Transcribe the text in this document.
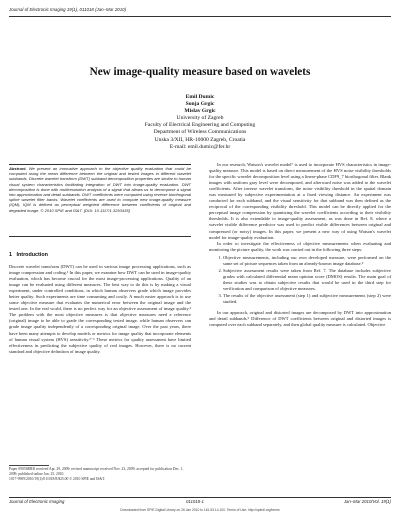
Journal of Electronic Imaging 19(1), 011018 (Jan–Mar 2010)
New image-quality measure based on wavelets
Emil Dumic
Sonja Grgic
Mislav Grgic
University of Zagreb
Faculty of Electrical Engineering and Computing
Department of Wireless Communications
Unska 3/XII, HR-10000 Zagreb, Croatia
E-mail: emil.dumic@fer.hr
Abstract. We present an innovative approach to the objective quality evaluation that could be computed using the mean difference between the original and tested images in different wavelet subbands. Discrete wavelet transform (DWT) subband decomposition properties are similar to human visual system characteristics facilitating integration of DWT into image-quality evaluation. DWT decomposition is done with multiresolution analysis of a signal that allows us to decompose a signal into approximation and detail subbands. DWT coefficients were computed using reverse biorthogonal spline wavelet filter banks. Wavelet coefficients are used to compute new image-quality measure (IQM), IQM is defined as perceptual weighted difference between coefficients of original and degraded image. © 2010 SPIE and IS&T. [DOI: 10.1117/1.3293435]
1 Introduction

Discrete wavelet transform (DWT) can be used in various image processing applications, such as image compression and coding.¹ In this paper, we examine how DWT can be used in image-quality evaluation, which has become crucial for the most image-processing applications. Quality of an image can be evaluated using different measures. The best way to do this is by making a visual experiment, under controlled conditions, in which human observers grade which image provides better quality. Such experiments are time consuming and costly. A much easier approach is to use some objective measure that evaluates the numerical error between the original image and the tested one. In the real world, there is no perfect way for an objective assessment of image quality.² The problem with the most objective measures is that objective measures need a reference (original) image to be able to grade the corresponding tested image, while human observers can grade image quality independently of a corresponding original image. Over the past years, there have been many attempts to develop models or metrics for image quality that incorporate elements of human visual system (HVS) sensitivity.³⁻⁶ These metrics for quality assessment have limited effectiveness in predicting the subjective quality of real images. However, there is no current standard and objective definition of image quality.

Paper 09056RRR received Apr. 29, 2009; revised manuscript received Nov. 23, 2009; accepted for publication Dec. 1, 2009; published online Jan. 25, 2010.
1017-9909/2010/19(1)/011018/8/$25.00 © 2010 SPIE and IS&T.

In our research, Watson's wavelet model⁷ is used to incorporate HVS characteristics in image-quality measure. This model is based on direct measurement of the HVS noise visibility thresholds for the specific wavelet decomposition level using a linear-phase CDF9_7 biorthogonal filter. Blank images with uniform gray level were decomposed, and afterward noise was added to the wavelet coefficients. After inverse wavelet transform, the noise visibility threshold in the spatial domain was measured by subjective experimentation at a fixed viewing distance. An experiment was conducted for each subband, and the visual sensitivity for that subband was then defined as the reciprocal of the corresponding visibility threshold. This model can be directly applied for the perceptual image compression by quantizing the wavelet coefficients according to their visibility thresholds. It is also extendable to image-quality assessment, as was done in Ref. 8, where a wavelet visible difference predictor was used to predict visible differences between original and compressed (or noisy) images. In this paper, we present a new way of using Watson's wavelet model for image-quality evaluation.

In order to investigate the effectiveness of objective measurements when evaluating and monitoring the picture quality, the work was carried out in the following three steps:

1. Objective measurements, including our own developed measure, were performed on the same set of picture sequences taken from an already-known image database.⁹
2. Subjective assessment results were taken from Ref. 7. The database includes subjective grades with calculated differential mean opinion score (DMOS) results. The main goal of these studies was to obtain subjective results that would be used in the third step for verification and comparison of objective measures.
3. The results of the objective assessment (step 1) and subjective measurements (step 2) were studied.

In our approach, original and distorted images are decomposed by DWT into approximation and detail subbands.⁹ Difference of DWT coefficients between original and distorted images is computed over each subband separately, and then global quality measure is calculated. Objective

Journal of Electronic Imaging	011018-1	Jan–Mar 2010/Vol. 19(1)
Downloaded from SPIE Digital Library on 26 Jan 2010 to 161.53.14.100. Terms of Use: http://spiedl.org/terms
